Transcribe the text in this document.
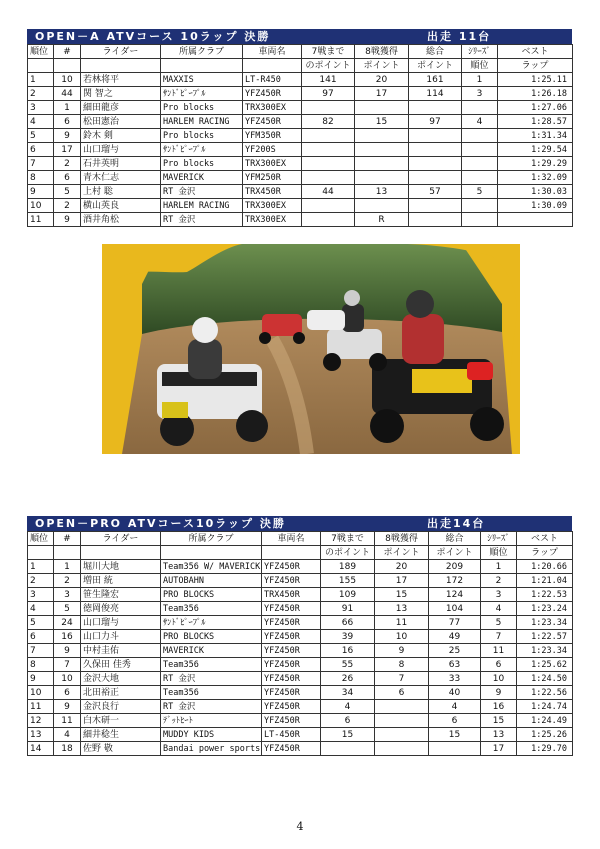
OPEN－A ATVコース 10ラップ 決勝	出走 11台
順位	#	ライダー	所属クラブ	車両名	7戦まで	8戦獲得	総合	ｼﾘｰｽﾞ	ベスト
					のポイント	ポイント	ポイント	順位	ラップ
1	10	若林将平	MAXXIS	LT-R450	141	20	161	1	1:25.11
2	44	関 智之	ｻﾝﾄﾞﾋﾟｰﾌﾟﾙ	YFZ450R	97	17	114	3	1:26.18
3	1	細田龍彦	Pro blocks	TRX300EX					1:27.06
4	6	松田憲治	HARLEM RACING	YFZ450R	82	15	97	4	1:28.57
5	9	鈴木 剣	Pro blocks	YFM350R					1:31.34
6	17	山口瑠与	ｻﾝﾄﾞﾋﾟｰﾌﾟﾙ	YF200S					1:29.54
7	2	石井英明	Pro blocks	TRX300EX					1:29.29
8	6	青木仁志	MAVERICK	YFM250R					1:32.09
9	5	上村 聡	RT 金沢	TRX450R	44	13	57	5	1:30.03
10	2	横山英良	HARLEM RACING	TRX300EX					1:30.09
11	9	酒井角松	RT 金沢	TRX300EX		R			
OPEN－PRO ATVコース10ラップ 決勝	出走14台
順位	#	ライダー	所属クラブ	車両名	7戦まで	8戦獲得	総合	ｼﾘｰｽﾞ	ベスト
					のポイント	ポイント	ポイント	順位	ラップ
1	1	堀川大地	Team356 W/ MAVERICK	YFZ450R	189	20	209	1	1:20.66
2	2	増田 統	AUTOBAHN	YFZ450R	155	17	172	2	1:21.04
3	3	笹生隆宏	PRO BLOCKS	TRX450R	109	15	124	3	1:22.53
4	5	徳岡俊亮	Team356	YFZ450R	91	13	104	4	1:23.24
5	24	山口瑠与	ｻﾝﾄﾞﾋﾟｰﾌﾟﾙ	YFZ450R	66	11	77	5	1:23.34
6	16	山口力斗	PRO BLOCKS	YFZ450R	39	10	49	7	1:22.57
7	9	中村圭佑	MAVERICK	YFZ450R	16	9	25	11	1:23.34
8	7	久保田 佳秀	Team356	YFZ450R	55	8	63	6	1:25.62
9	10	金沢大地	RT 金沢	YFZ450R	26	7	33	10	1:24.50
10	6	北田裕正	Team356	YFZ450R	34	6	40	9	1:22.56
11	9	金沢良行	RT 金沢	YFZ450R	4		4	16	1:24.74
12	11	白木研一	ﾃﾞｯﾄﾋｰﾄ	YFZ450R	6		6	15	1:24.49
13	4	細井稔生	MUDDY KIDS	LT-450R	15		15	13	1:25.26
14	18	佐野 敬	Bandai power sports	YFZ450R				17	1:29.70
4
